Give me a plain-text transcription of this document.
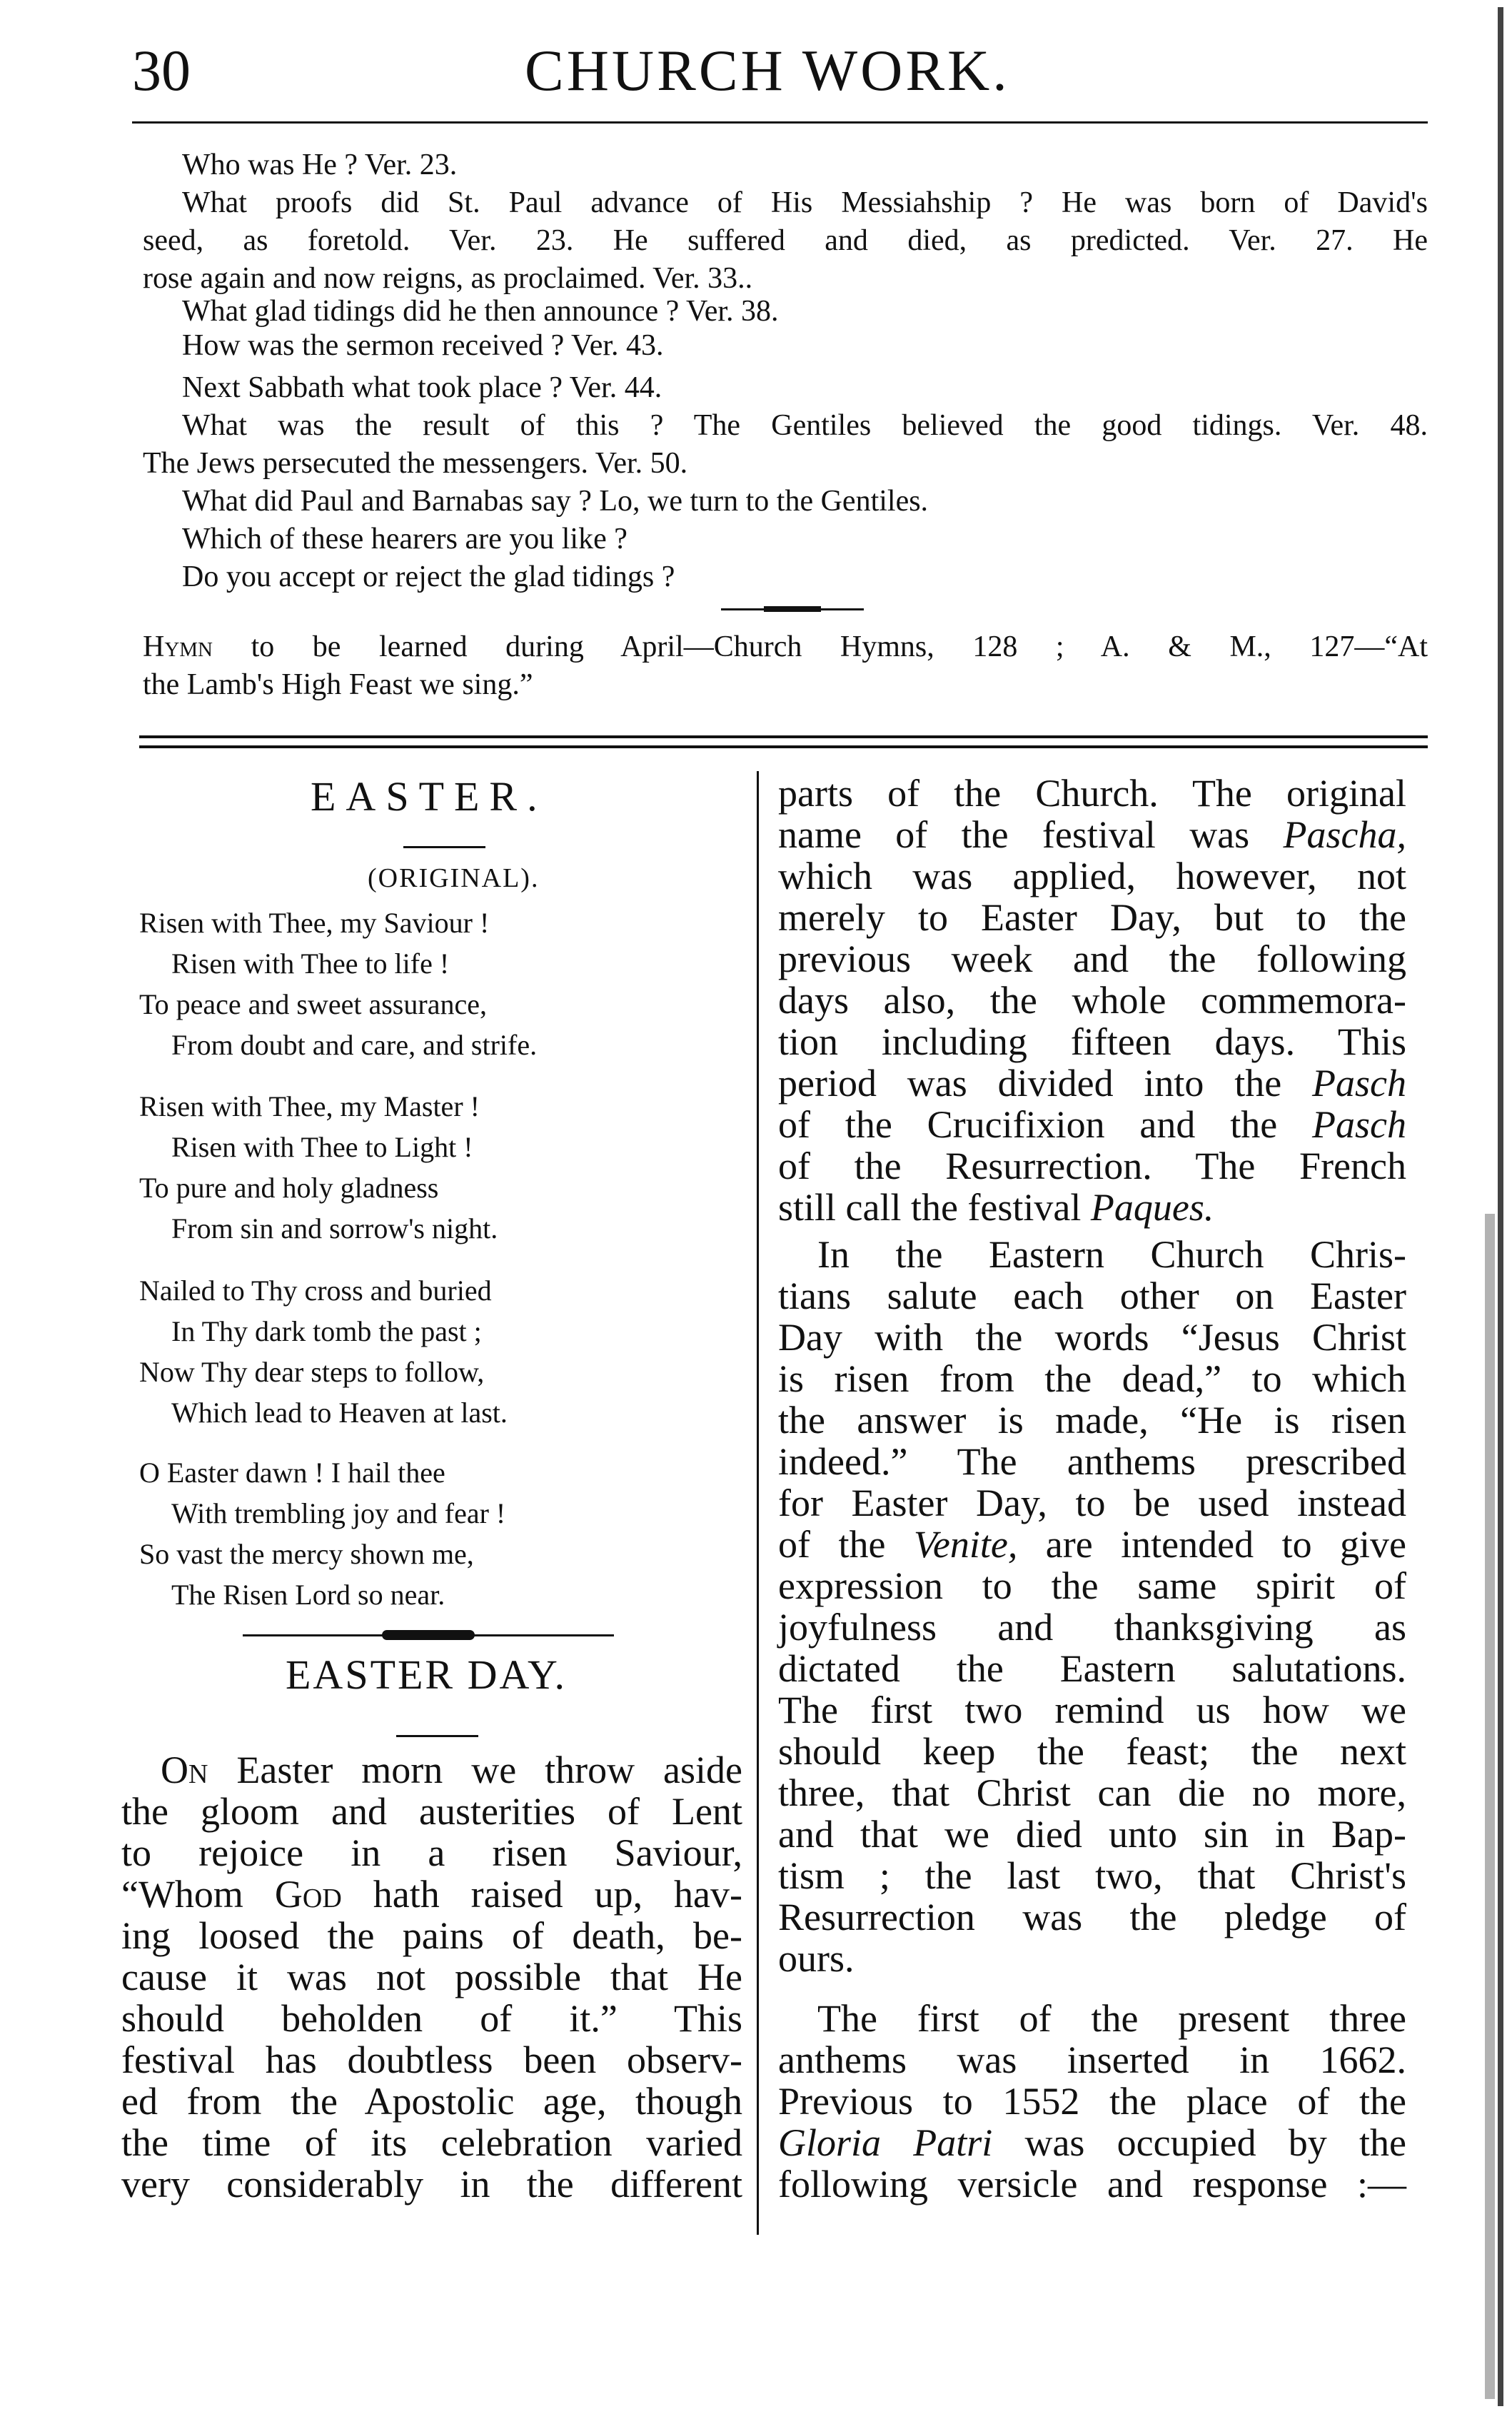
30	CHURCH WORK.
Who was He ? Ver. 23.
What proofs did St. Paul advance of His Messiahship ? He was born of David's
seed, as foretold. Ver. 23. He suffered and died, as predicted. Ver. 27. He
rose again and now reigns, as proclaimed. Ver. 33..
What glad tidings did he then announce ? Ver. 38.
How was the sermon received ? Ver. 43.
Next Sabbath what took place ? Ver. 44.
What was the result of this ? The Gentiles believed the good tidings. Ver. 48.
The Jews persecuted the messengers. Ver. 50.
What did Paul and Barnabas say ? Lo, we turn to the Gentiles.
Which of these hearers are you like ?
Do you accept or reject the glad tidings ?
Hymn to be learned during April—Church Hymns, 128 ; A. & M., 127—“At
the Lamb's High Feast we sing.”
EASTER.
(ORIGINAL).
Risen with Thee, my Saviour !
Risen with Thee to life !
To peace and sweet assurance,
From doubt and care, and strife.
Risen with Thee, my Master !
Risen with Thee to Light !
To pure and holy gladness
From sin and sorrow's night.
Nailed to Thy cross and buried
In Thy dark tomb the past ;
Now Thy dear steps to follow,
Which lead to Heaven at last.
O Easter dawn ! I hail thee
With trembling joy and fear !
So vast the mercy shown me,
The Risen Lord so near.
EASTER DAY.
On Easter morn we throw aside
the gloom and austerities of Lent
to rejoice in a risen Saviour,
“Whom God hath raised up, hav-
ing loosed the pains of death, be-
cause it was not possible that He
should beholden of it.” This
festival has doubtless been observ-
ed from the Apostolic age, though
the time of its celebration varied
very considerably in the different
parts of the Church. The original
name of the festival was Pascha,
which was applied, however, not
merely to Easter Day, but to the
previous week and the following
days also, the whole commemora-
tion including fifteen days. This
period was divided into the Pasch
of the Crucifixion and the Pasch
of the Resurrection. The French
still call the festival Paques.
In the Eastern Church Chris-
tians salute each other on Easter
Day with the words “Jesus Christ
is risen from the dead,” to which
the answer is made, “He is risen
indeed.” The anthems prescribed
for Easter Day, to be used instead
of the Venite, are intended to give
expression to the same spirit of
joyfulness and thanksgiving as
dictated the Eastern salutations.
The first two remind us how we
should keep the feast; the next
three, that Christ can die no more,
and that we died unto sin in Bap-
tism ; the last two, that Christ's
Resurrection was the pledge of
ours.
The first of the present three
anthems was inserted in 1662.
Previous to 1552 the place of the
Gloria Patri was occupied by the
following versicle and response :—
